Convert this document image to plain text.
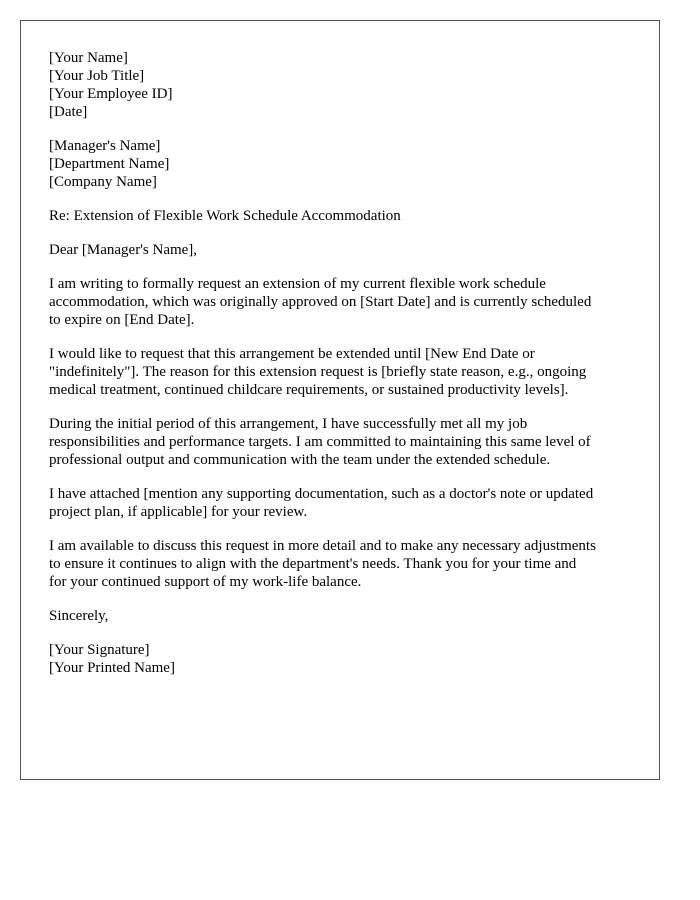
[Your Name]
[Your Job Title]
[Your Employee ID]
[Date]
[Manager's Name]
[Department Name]
[Company Name]

Re: Extension of Flexible Work Schedule Accommodation

Dear [Manager's Name],

I am writing to formally request an extension of my current flexible work schedule
accommodation, which was originally approved on [Start Date] and is currently scheduled
to expire on [End Date].

I would like to request that this arrangement be extended until [New End Date or
"indefinitely"]. The reason for this extension request is [briefly state reason, e.g., ongoing
medical treatment, continued childcare requirements, or sustained productivity levels].

During the initial period of this arrangement, I have successfully met all my job
responsibilities and performance targets. I am committed to maintaining this same level of
professional output and communication with the team under the extended schedule.

I have attached [mention any supporting documentation, such as a doctor's note or updated
project plan, if applicable] for your review.

I am available to discuss this request in more detail and to make any necessary adjustments
to ensure it continues to align with the department's needs. Thank you for your time and
for your continued support of my work-life balance.

Sincerely,

[Your Signature]
[Your Printed Name]
